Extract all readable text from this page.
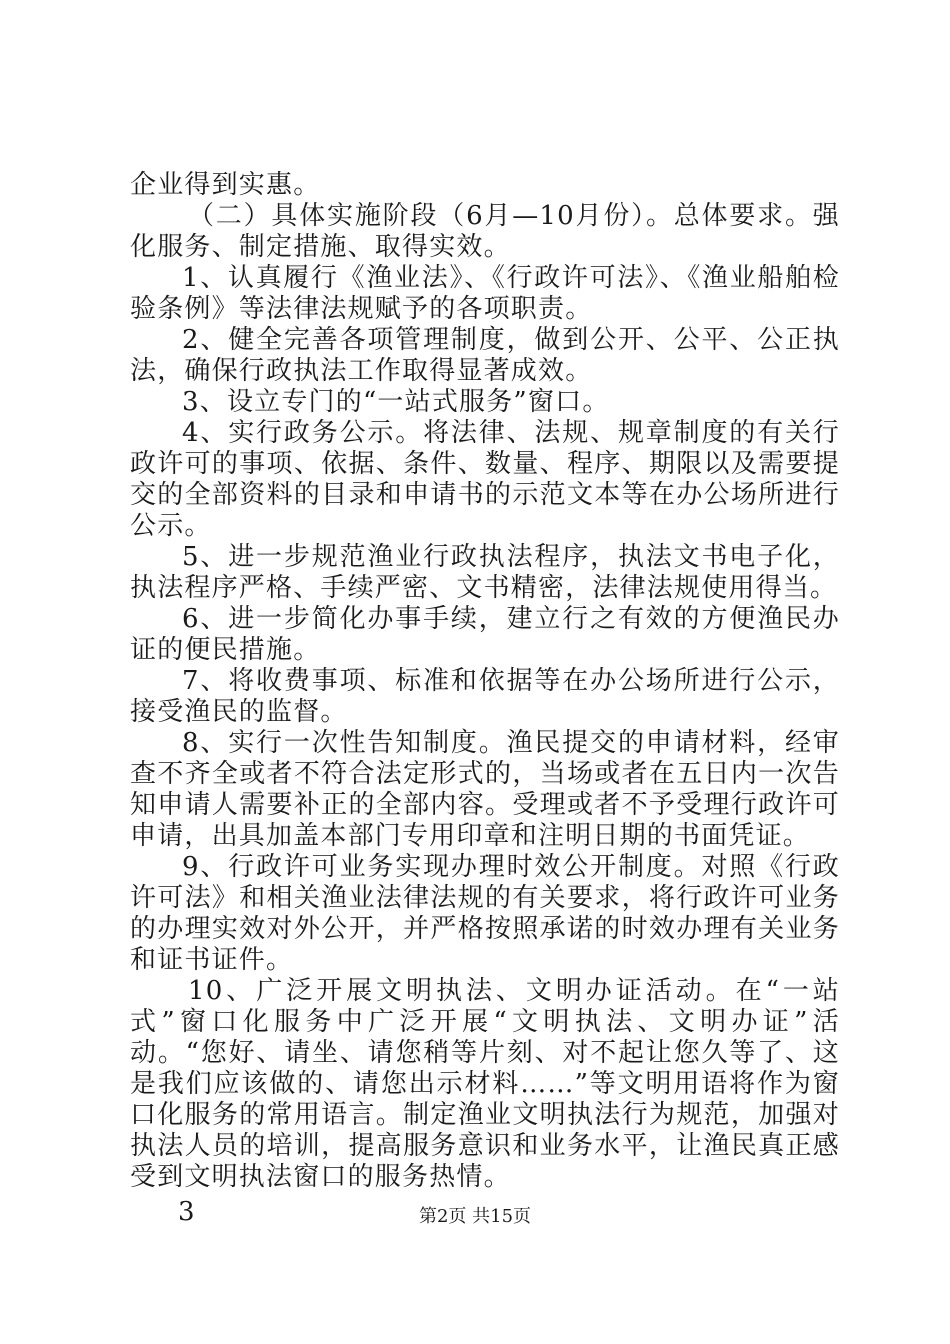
企业得到实惠。

（二）具体实施阶段（6月—10月份）。总体要求。强化服务、制定措施、取得实效。

1、认真履行《渔业法》、《行政许可法》、《渔业船舶检验条例》等法律法规赋予的各项职责。

2、健全完善各项管理制度，做到公开、公平、公正执法，确保行政执法工作取得显著成效。

3、设立专门的“一站式服务”窗口。

4、实行政务公示。将法律、法规、规章制度的有关行政许可的事项、依据、条件、数量、程序、期限以及需要提交的全部资料的目录和申请书的示范文本等在办公场所进行公示。

5、进一步规范渔业行政执法程序，执法文书电子化，执法程序严格、手续严密、文书精密，法律法规使用得当。

6、进一步简化办事手续，建立行之有效的方便渔民办证的便民措施。

7、将收费事项、标准和依据等在办公场所进行公示，接受渔民的监督。

8、实行一次性告知制度。渔民提交的申请材料，经审查不齐全或者不符合法定形式的，当场或者在五日内一次告知申请人需要补正的全部内容。受理或者不予受理行政许可申请，出具加盖本部门专用印章和注明日期的书面凭证。

9、行政许可业务实现办理时效公开制度。对照《行政许可法》和相关渔业法律法规的有关要求，将行政许可业务的办理实效对外公开，并严格按照承诺的时效办理有关业务和证书证件。

10、广泛开展文明执法、文明办证活动。在“一站式”窗口化服务中广泛开展“文明执法、文明办证”活动。“您好、请坐、请您稍等片刻、对不起让您久等了、这是我们应该做的、请您出示材料……”等文明用语将作为窗口化服务的常用语言。制定渔业文明执法行为规范，加强对执法人员的培训，提高服务意识和业务水平，让渔民真正感受到文明执法窗口的服务热情。

3	第2页 共15页
